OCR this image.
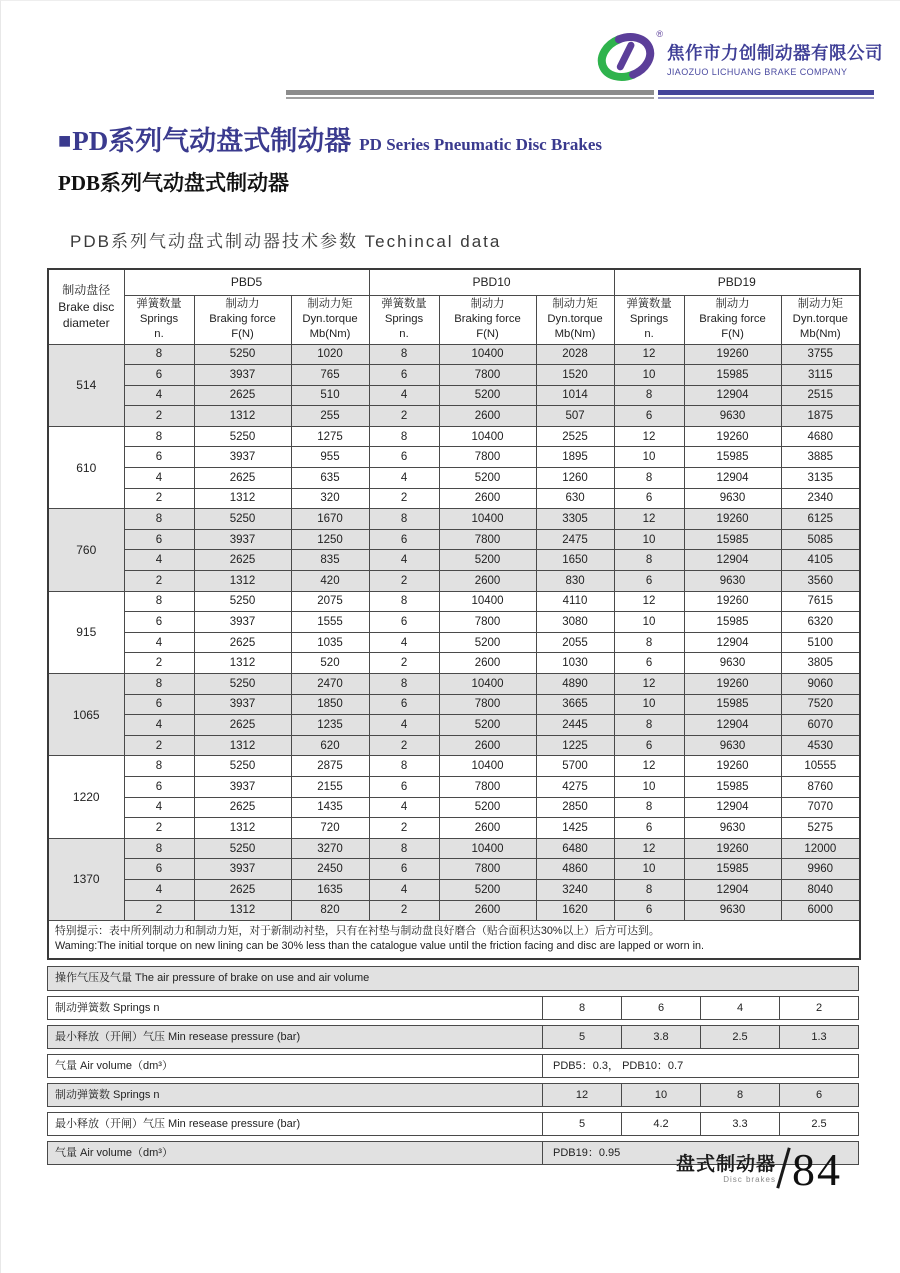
®
焦作市力创制动器有限公司
JIAOZUO LICHUANG BRAKE COMPANY
■PD系列气动盘式制动器 PD Series Pneumatic Disc Brakes
PDB系列气动盘式制动器
PDB系列气动盘式制动器技术参数 Techincal data
制动盘径 Brake disc diameter	PBD5			PBD10			PBD19		

	弹簧数量
Springs
n.	制动力
Braking force
F(N)	制动力矩
Dyn.torque
Mb(Nm)	弹簧数量
Springs
n.	制动力
Braking force
F(N)	制动力矩
Dyn.torque
Mb(Nm)	弹簧数量
Springs
n.	制动力
Braking force
F(N)	制动力矩
Dyn.torque
Mb(Nm)

514	8	5250	1020	8	10400	2028	12	19260	3755
	6	3937	765	6	7800	1520	10	15985	3115
	4	2625	510	4	5200	1014	8	12904	2515
	2	1312	255	2	2600	507	6	9630	1875
610	8	5250	1275	8	10400	2525	12	19260	4680
	6	3937	955	6	7800	1895	10	15985	3885
	4	2625	635	4	5200	1260	8	12904	3135
	2	1312	320	2	2600	630	6	9630	2340
760	8	5250	1670	8	10400	3305	12	19260	6125
	6	3937	1250	6	7800	2475	10	15985	5085
	4	2625	835	4	5200	1650	8	12904	4105
	2	1312	420	2	2600	830	6	9630	3560
915	8	5250	2075	8	10400	4110	12	19260	7615
	6	3937	1555	6	7800	3080	10	15985	6320
	4	2625	1035	4	5200	2055	8	12904	5100
	2	1312	520	2	2600	1030	6	9630	3805
1065	8	5250	2470	8	10400	4890	12	19260	9060
	6	3937	1850	6	7800	3665	10	15985	7520
	4	2625	1235	4	5200	2445	8	12904	6070
	2	1312	620	2	2600	1225	6	9630	4530
1220	8	5250	2875	8	10400	5700	12	19260	10555
	6	3937	2155	6	7800	4275	10	15985	8760
	4	2625	1435	4	5200	2850	8	12904	7070
	2	1312	720	2	2600	1425	6	9630	5275
1370	8	5250	3270	8	10400	6480	12	19260	12000
	6	3937	2450	6	7800	4860	10	15985	9960
	4	2625	1635	4	5200	3240	8	12904	8040
	2	1312	820	2	2600	1620	6	9630	6000

特别提示：表中所列制动力和制动力矩，对于新制动衬垫，只有在衬垫与制动盘良好磨合（贴合面积达30%以上）后方可达到。
Waming:The initial torque on new lining can be 30% less than the catalogue value until the friction facing and disc are lapped or worn in.									
操作气压及气量 The air pressure of brake on use and air volume
制动弹簧数 Springs n	8	6	4	2
最小释放（开闸）气压 Min resease pressure (bar)	5	3.8	2.5	1.3
气量 Air volume（dm³）	PDB5：0.3， PDB10：0.7
制动弹簧数 Springs n	12	10	8	6
最小释放（开闸）气压 Min resease pressure (bar)	5	4.2	3.3	2.5
气量 Air volume（dm³）	PDB19：0.95
盘式制动器
Disc brakes 84
